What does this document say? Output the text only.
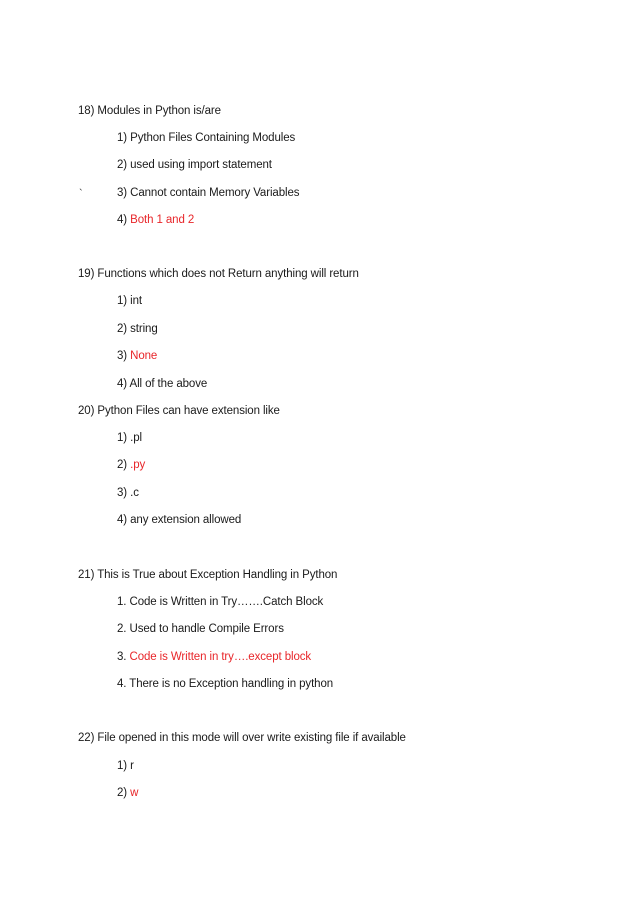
18) Modules in Python is/are
1) Python Files Containing Modules
2) used using import statement
`	3) Cannot contain Memory Variables
4) Both 1 and 2
19) Functions which does not Return anything will return
1) int
2) string
3) None
4) All of the above
20) Python Files can have extension like
1) .pl
2) .py
3) .c
4) any extension allowed
21) This is True about Exception Handling in Python
1. Code is Written in Try…….Catch Block
2. Used to handle Compile Errors
3. Code is Written in try….except block
4. There is no Exception handling in python
22) File opened in this mode will over write existing file if available
1) r
2) w
